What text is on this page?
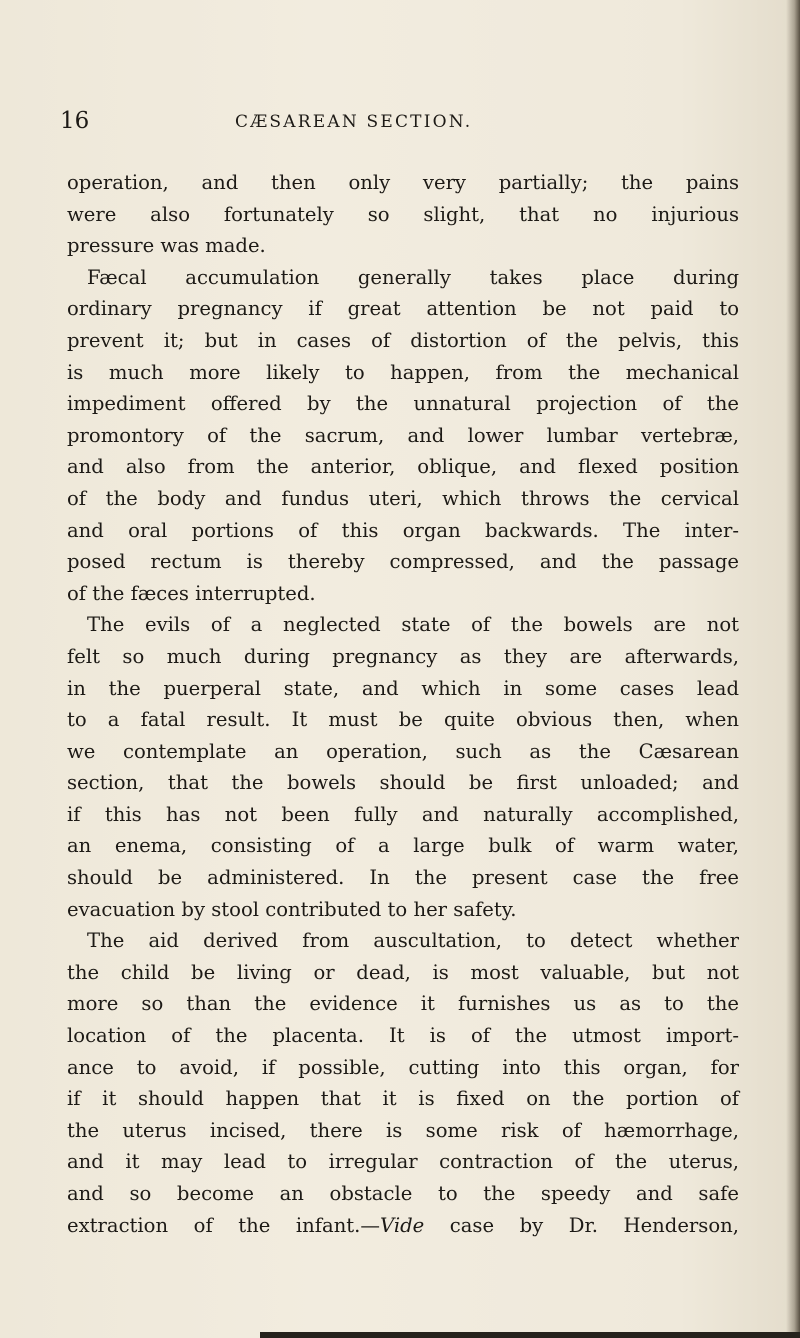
16	CÆSAREAN SECTION.
operation, and then only very partially; the pains
were also fortunately so slight, that no injurious
pressure was made.
Fæcal accumulation generally takes place during
ordinary pregnancy if great attention be not paid to
prevent it; but in cases of distortion of the pelvis, this
is much more likely to happen, from the mechanical
impediment offered by the unnatural projection of the
promontory of the sacrum, and lower lumbar vertebræ,
and also from the anterior, oblique, and flexed position
of the body and fundus uteri, which throws the cervical
and oral portions of this organ backwards. The inter-
posed rectum is thereby compressed, and the passage
of the fæces interrupted.
The evils of a neglected state of the bowels are not
felt so much during pregnancy as they are afterwards,
in the puerperal state, and which in some cases lead
to a fatal result. It must be quite obvious then, when
we contemplate an operation, such as the Cæsarean
section, that the bowels should be first unloaded; and
if this has not been fully and naturally accomplished,
an enema, consisting of a large bulk of warm water,
should be administered. In the present case the free
evacuation by stool contributed to her safety.
The aid derived from auscultation, to detect whether
the child be living or dead, is most valuable, but not
more so than the evidence it furnishes us as to the
location of the placenta. It is of the utmost import-
ance to avoid, if possible, cutting into this organ, for
if it should happen that it is fixed on the portion of
the uterus incised, there is some risk of hæmorrhage,
and it may lead to irregular contraction of the uterus,
and so become an obstacle to the speedy and safe
extraction of the infant.—Vide case by Dr. Henderson,
